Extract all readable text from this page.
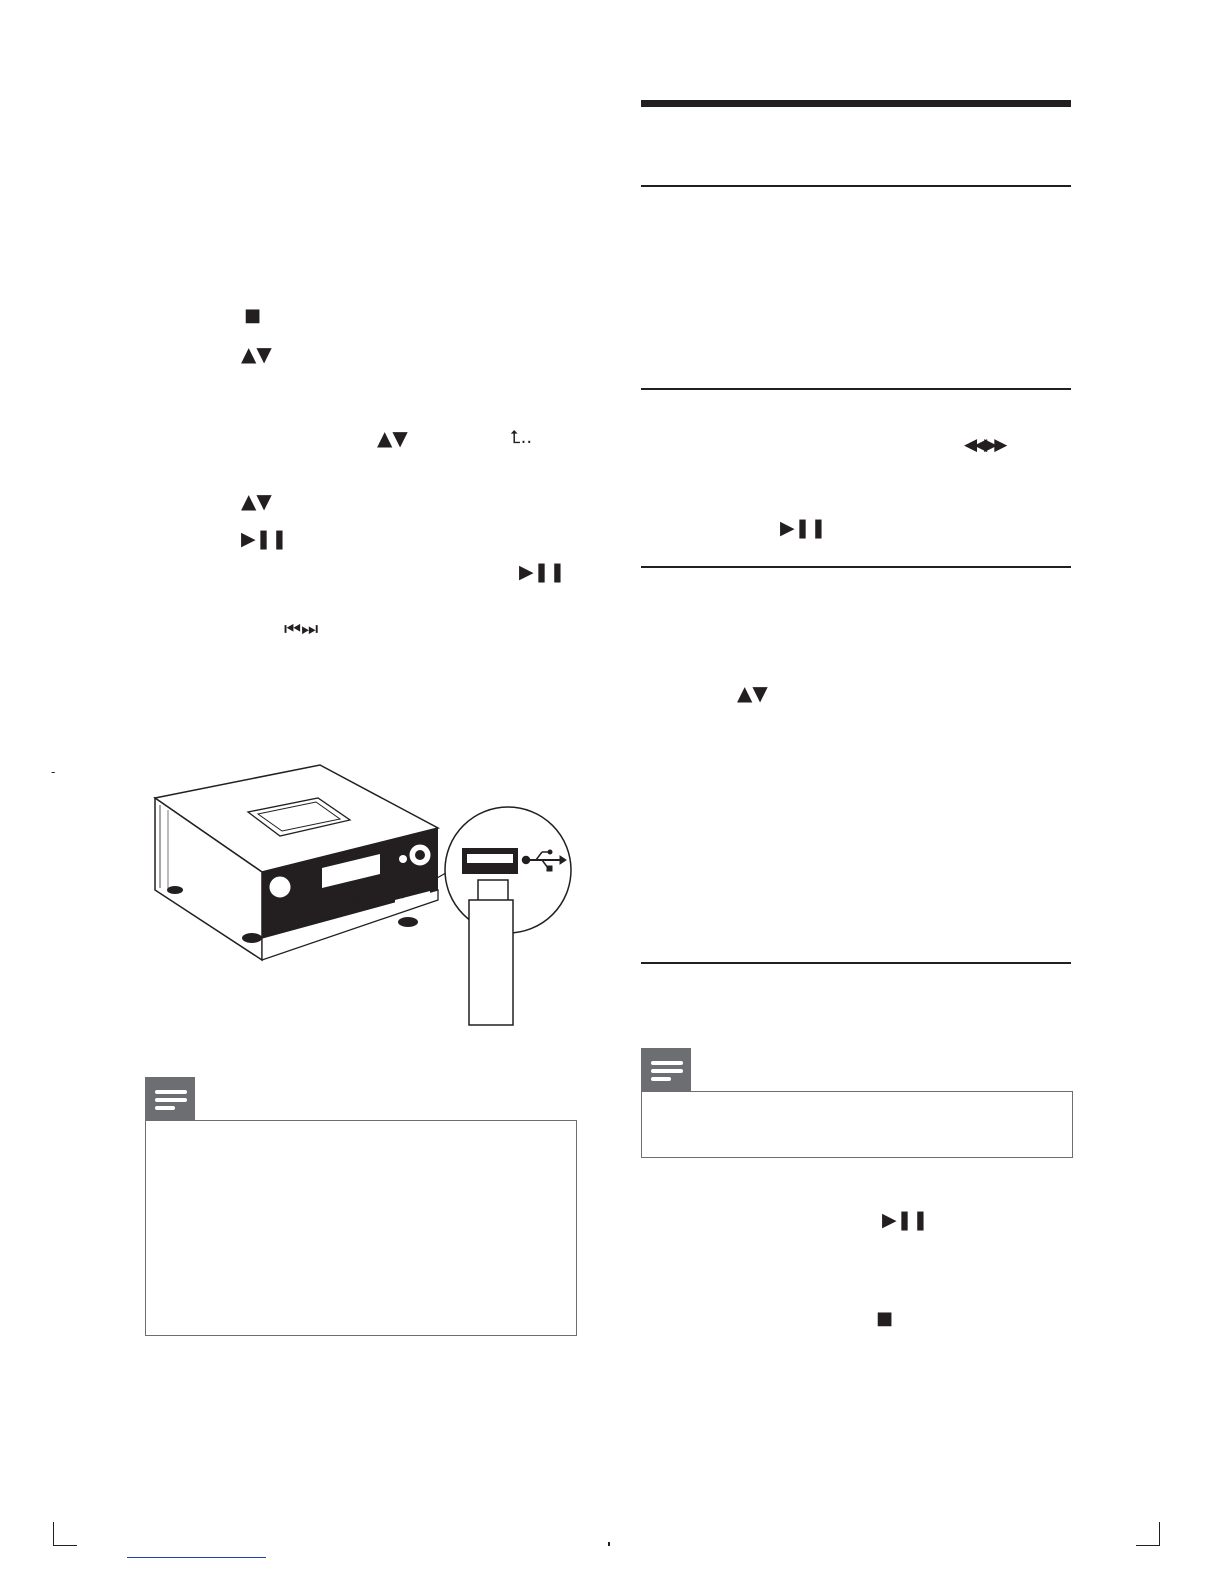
■
▲▼
▲▼	⮤..
▲▼
▶❚❚
▶❚❚
⏮⏭
-
PHILIPS
◀◀▶▶
▶❚❚
▲▼
▶❚❚
■
